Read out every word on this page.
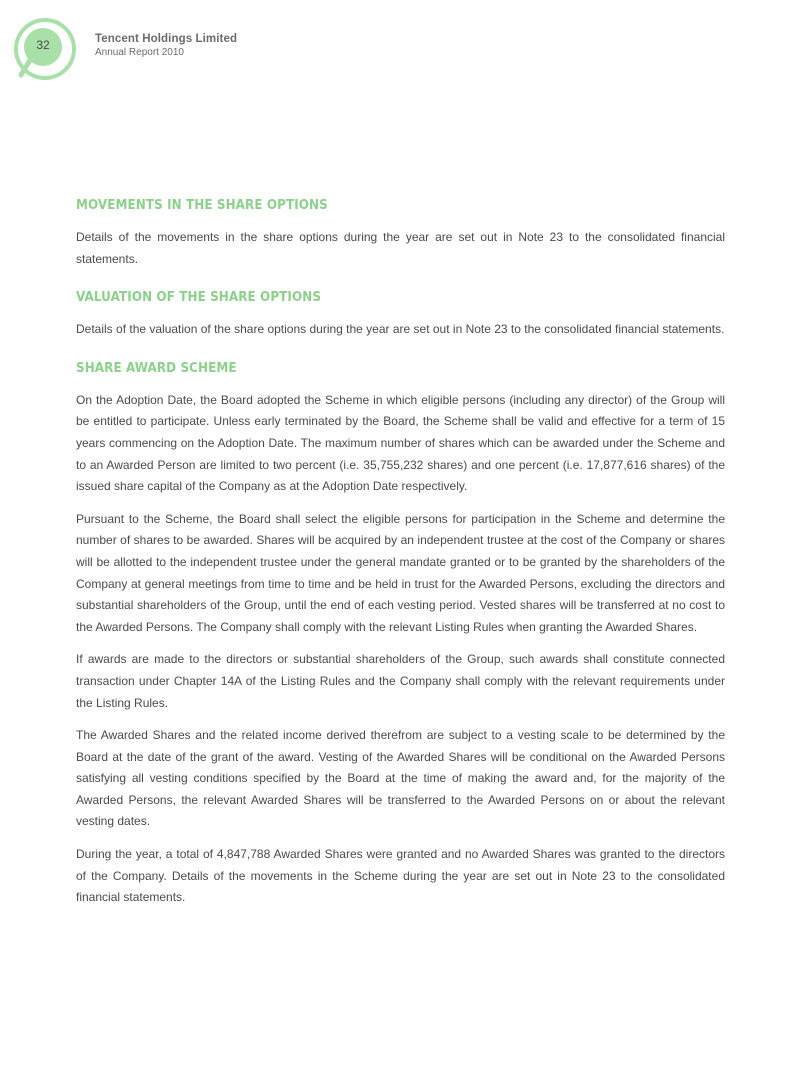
32	Tencent Holdings Limited
Annual Report 2010
MOVEMENTS IN THE SHARE OPTIONS

Details of the movements in the share options during the year are set out in Note 23 to the consolidated financial statements.

VALUATION OF THE SHARE OPTIONS

Details of the valuation of the share options during the year are set out in Note 23 to the consolidated financial statements.

SHARE AWARD SCHEME

On the Adoption Date, the Board adopted the Scheme in which eligible persons (including any director) of the Group will be entitled to participate. Unless early terminated by the Board, the Scheme shall be valid and effective for a term of 15 years commencing on the Adoption Date. The maximum number of shares which can be awarded under the Scheme and to an Awarded Person are limited to two percent (i.e. 35,755,232 shares) and one percent (i.e. 17,877,616 shares) of the issued share capital of the Company as at the Adoption Date respectively.

Pursuant to the Scheme, the Board shall select the eligible persons for participation in the Scheme and determine the number of shares to be awarded. Shares will be acquired by an independent trustee at the cost of the Company or shares will be allotted to the independent trustee under the general mandate granted or to be granted by the shareholders of the Company at general meetings from time to time and be held in trust for the Awarded Persons, excluding the directors and substantial shareholders of the Group, until the end of each vesting period. Vested shares will be transferred at no cost to the Awarded Persons. The Company shall comply with the relevant Listing Rules when granting the Awarded Shares.

If awards are made to the directors or substantial shareholders of the Group, such awards shall constitute connected transaction under Chapter 14A of the Listing Rules and the Company shall comply with the relevant requirements under the Listing Rules.

The Awarded Shares and the related income derived therefrom are subject to a vesting scale to be determined by the Board at the date of the grant of the award. Vesting of the Awarded Shares will be conditional on the Awarded Persons satisfying all vesting conditions specified by the Board at the time of making the award and, for the majority of the Awarded Persons, the relevant Awarded Shares will be transferred to the Awarded Persons on or about the relevant vesting dates.

During the year, a total of 4,847,788 Awarded Shares were granted and no Awarded Shares was granted to the directors of the Company. Details of the movements in the Scheme during the year are set out in Note 23 to the consolidated financial statements.
